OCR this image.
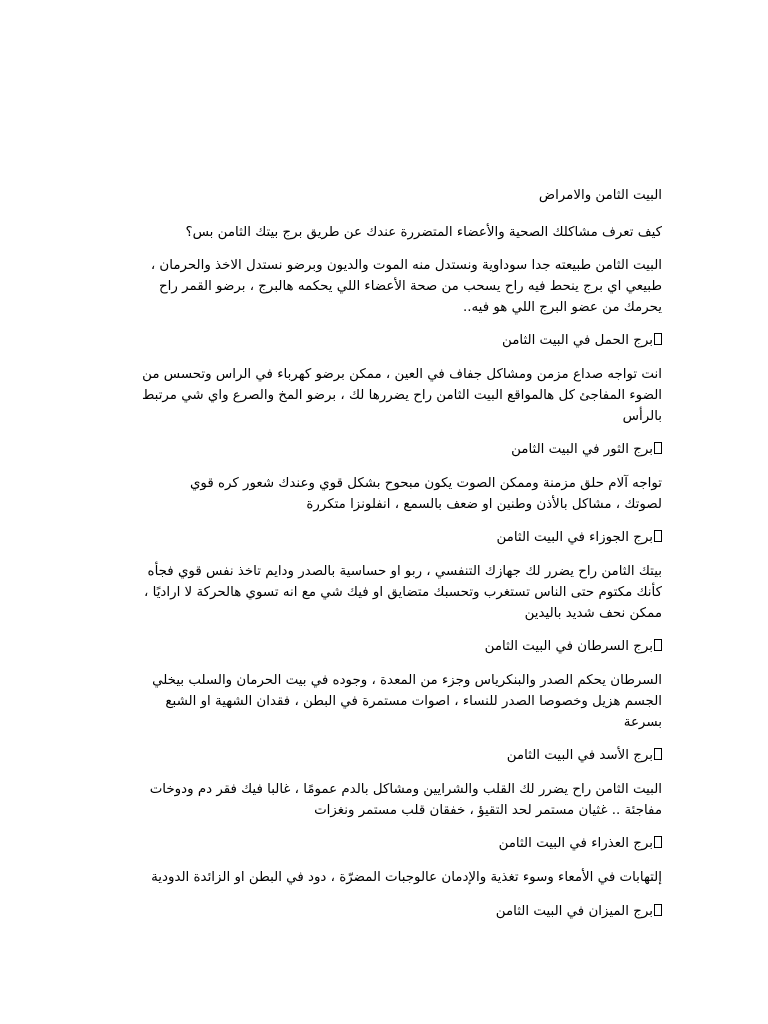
البيت الثامن والامراض
كيف تعرف مشاكلك الصحية والأعضاء المتضررة عندك عن طريق برج بيتك الثامن بس؟
البيت الثامن طبيعته جدا سوداوية ونستدل منه الموت والديون وبرضو نستدل الاخذ والحرمان ،
طبيعي اي برج ينحط فيه راح يسحب من صحة الأعضاء اللي يحكمه هالبرج ، برضو القمر راح
يحرمك من عضو البرج اللي هو فيه..
برج الحمل في البيت الثامن
انت تواجه صداع مزمن ومشاكل جفاف في العين ، ممكن برضو كهرباء في الراس وتحسس من
الضوء المفاجئ كل هالمواقع البيت الثامن راح يضررها لك ، برضو المخ والصرع واي شي مرتبط
بالرأس
برج الثور في البيت الثامن
تواجه آلام حلق مزمنة وممكن الصوت يكون مبحوح بشكل قوي وعندك شعور كره قوي
لصوتك ، مشاكل بالأذن وطنين او ضعف بالسمع ، انفلونزا متكررة
برج الجوزاء في البيت الثامن
بيتك الثامن راح يضرر لك جهازك التنفسي ، ربو او حساسية بالصدر ودايم تاخذ نفس قوي فجأه
كأنك مكتوم حتى الناس تستغرب وتحسبك متضايق او فيك شي مع انه تسوي هالحركة لا اراديًا ،
ممكن نحف شديد باليدين
برج السرطان في البيت الثامن
السرطان يحكم الصدر والبنكرياس وجزء من المعدة ، وجوده في بيت الحرمان والسلب بيخلي
الجسم هزيل وخصوصا الصدر للنساء ، اصوات مستمرة في البطن ، فقدان الشهية او الشبع
بسرعة
برج الأسد في البيت الثامن
البيت الثامن راح يضرر لك القلب والشرايين ومشاكل بالدم عمومًا ، غالبا فيك فقر دم ودوخات
مفاجئة .. غثيان مستمر لحد التقيؤ ، خفقان قلب مستمر ونغزات
برج العذراء في البيت الثامن
إلتهابات في الأمعاء وسوء تغذية والإدمان عالوجبات المضرّة ، دود في البطن او الزائدة الدودية
برج الميزان في البيت الثامن
